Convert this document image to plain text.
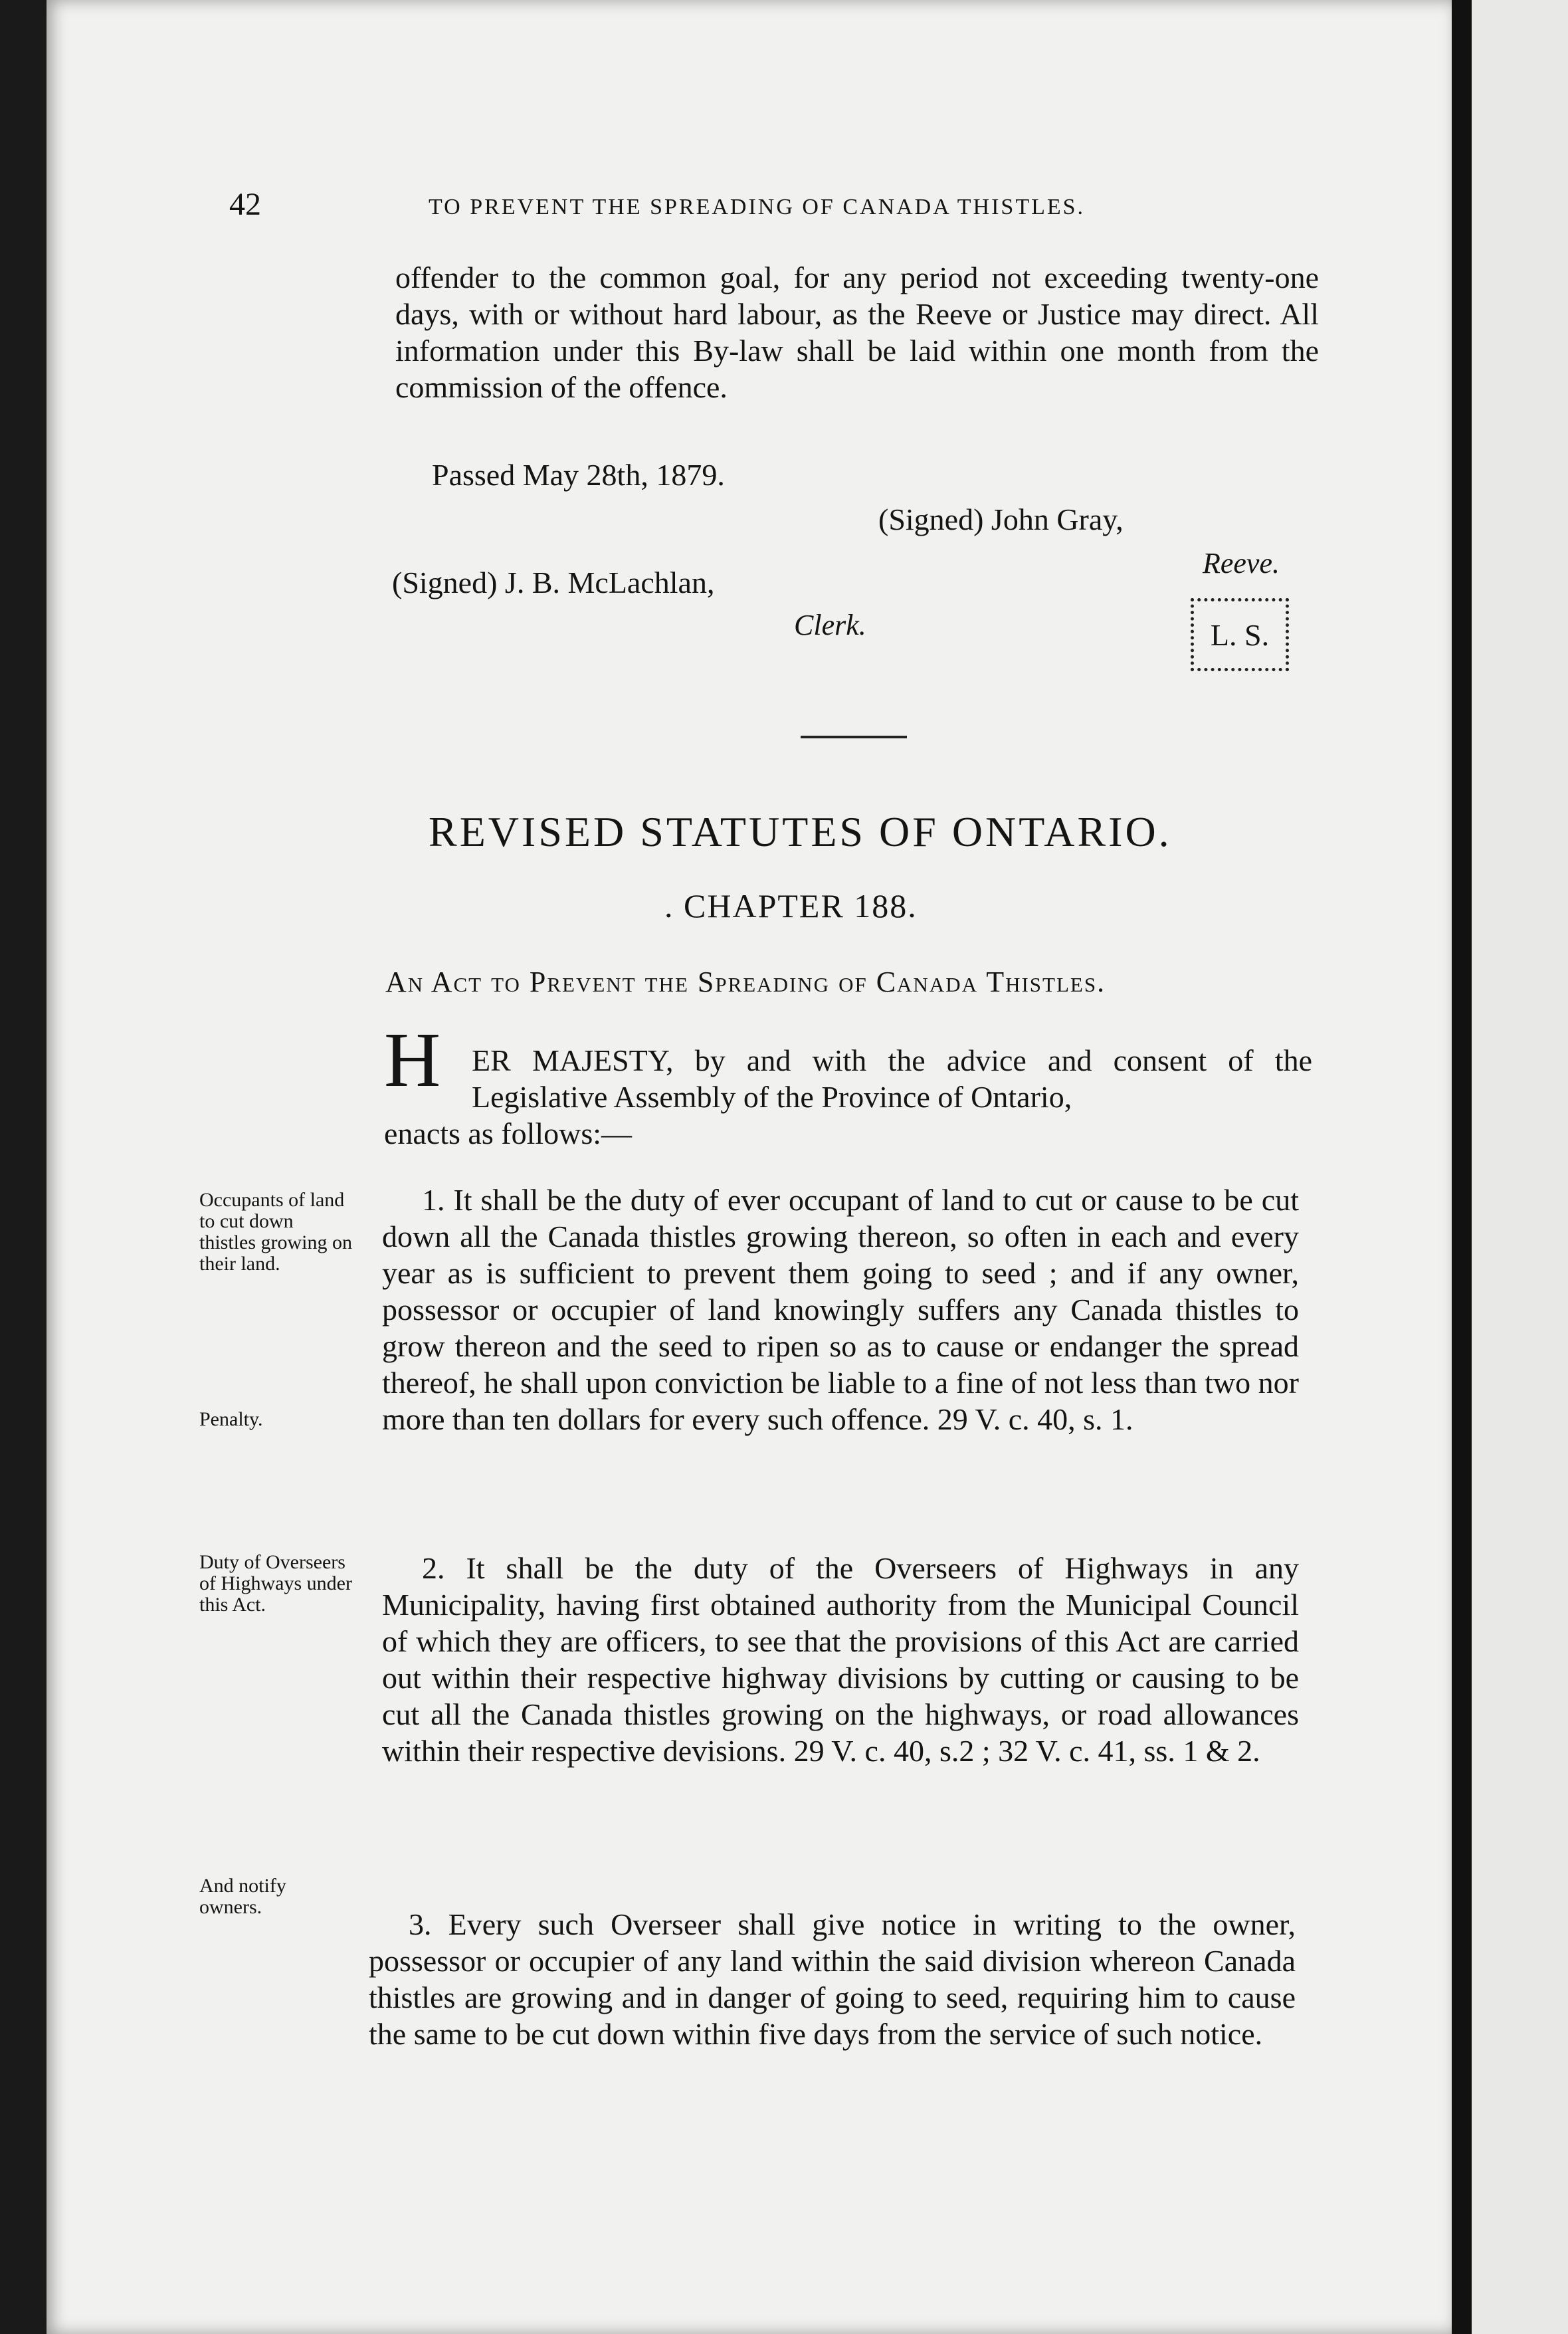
42	TO PREVENT THE SPREADING OF CANADA THISTLES.
offender to the common goal, for any period not exceeding twenty-one days, with or without hard labour, as the Reeve or Justice may direct. All information under this By-law shall be laid within one month from the commission of the offence.
Passed May 28th, 1879.
(Signed) John Gray,
Reeve.
(Signed) J. B. McLachlan,
Clerk.	L. S.
REVISED STATUTES OF ONTARIO.
. CHAPTER 188.
An Act to Prevent the Spreading of Canada Thistles.
H ER MAJESTY, by and with the advice and consent of the Legislative Assembly of the Province of Ontario,
enacts as follows:—
Occupants of land to cut down thistles growing on their land.
Penalty.
Duty of Overseers of Highways under this Act.
And notify owners.
1. It shall be the duty of ever occupant of land to cut or cause to be cut down all the Canada thistles growing thereon, so often in each and every year as is sufficient to prevent them going to seed ; and if any owner, possessor or occupier of land knowingly suffers any Canada thistles to grow thereon and the seed to ripen so as to cause or endanger the spread thereof, he shall upon conviction be liable to a fine of not less than two nor more than ten dollars for every such offence. 29 V. c. 40, s. 1.
2. It shall be the duty of the Overseers of Highways in any Municipality, having first obtained authority from the Municipal Council of which they are officers, to see that the provisions of this Act are carried out within their respective highway divisions by cutting or causing to be cut all the Canada thistles growing on the highways, or road allowances within their respective devisions. 29 V. c. 40, s.2 ; 32 V. c. 41, ss. 1 & 2.
3. Every such Overseer shall give notice in writing to the owner, possessor or occupier of any land within the said division whereon Canada thistles are growing and in danger of going to seed, requiring him to cause the same to be cut down within five days from the service of such notice.
